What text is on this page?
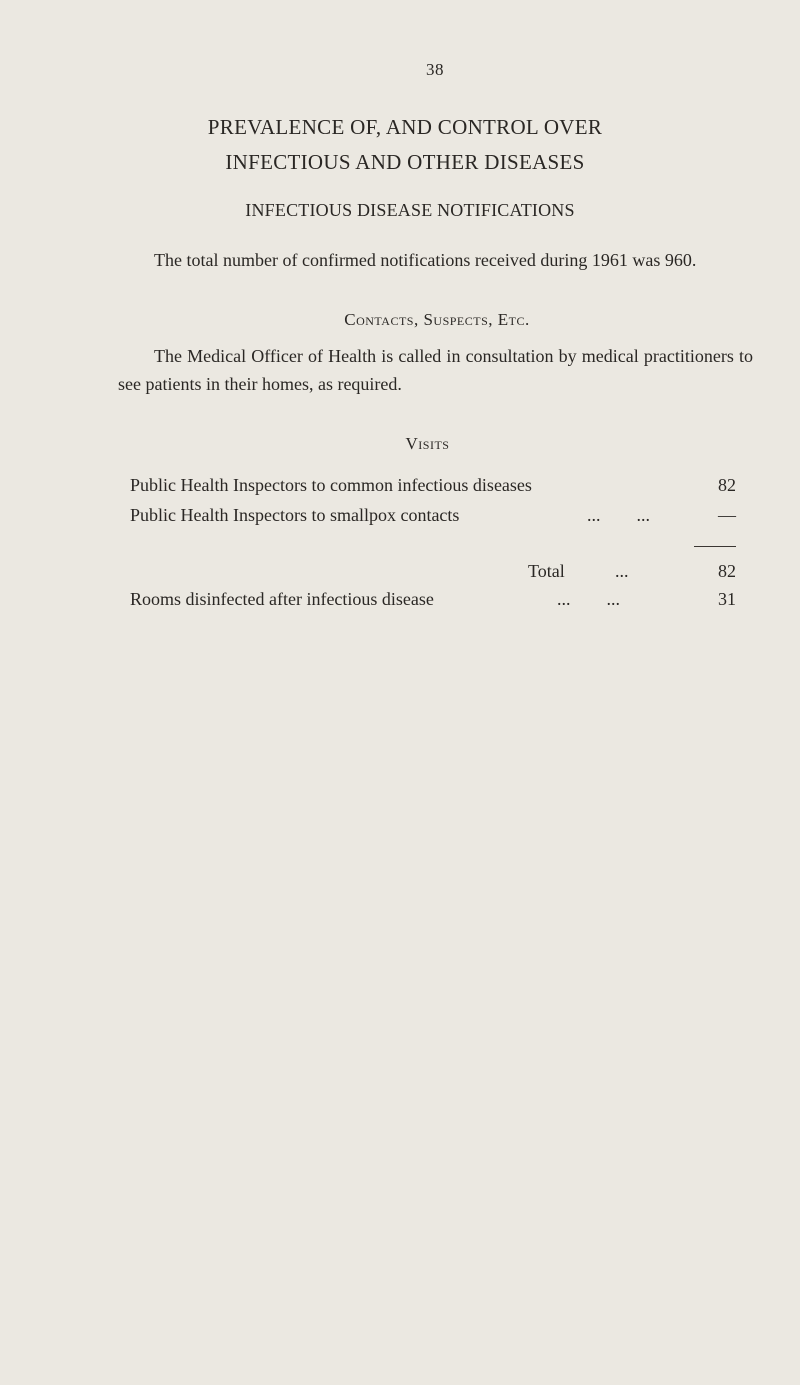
38
PREVALENCE OF, AND CONTROL OVER
INFECTIOUS AND OTHER DISEASES
INFECTIOUS DISEASE NOTIFICATIONS
The total number of confirmed notifications received during 1961 was 960.
Contacts, Suspects, Etc.
The Medical Officer of Health is called in consultation by medical practitioners to see patients in their homes, as required.
Visits
Public Health Inspectors to common infectious diseases	82
Public Health Inspectors to smallpox contacts	...        ...	—
Total	...	82
Rooms disinfected after infectious disease	...        ...	31
